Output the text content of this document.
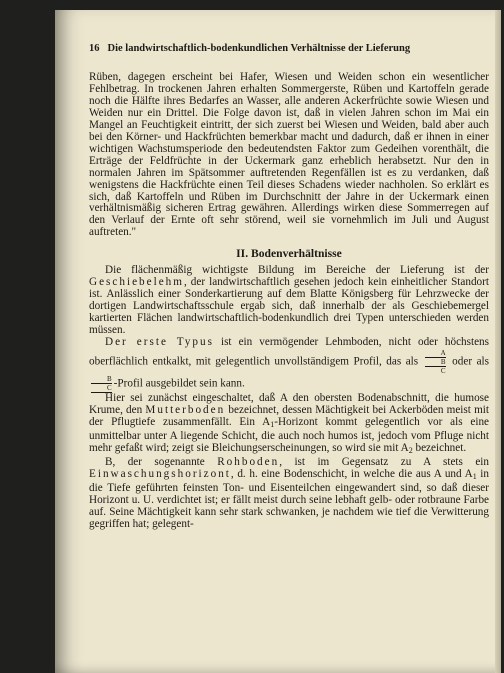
16 Die landwirtschaftlich-bodenkundlichen Verhältnisse der Lieferung

Rüben, dagegen erscheint bei Hafer, Wiesen und Weiden schon ein wesentlicher Fehlbetrag. In trockenen Jahren erhalten Sommergerste, Rüben und Kartoffeln gerade noch die Hälfte ihres Bedarfes an Wasser, alle anderen Ackerfrüchte sowie Wiesen und Weiden nur ein Drittel. Die Folge davon ist, daß in vielen Jahren schon im Mai ein Mangel an Feuchtigkeit eintritt, der sich zuerst bei Wiesen und Weiden, bald aber auch bei den Körner- und Hackfrüchten bemerkbar macht und dadurch, daß er ihnen in einer wichtigen Wachstumsperiode den bedeutendsten Faktor zum Gedeihen vorenthält, die Erträge der Feldfrüchte in der Uckermark ganz erheblich herabsetzt. Nur den in normalen Jahren im Spätsommer auftretenden Regenfällen ist es zu verdanken, daß wenigstens die Hackfrüchte einen Teil dieses Schadens wieder nachholen. So erklärt es sich, daß Kartoffeln und Rüben im Durchschnitt der Jahre in der Uckermark einen verhältnismäßig sicheren Ertrag gewähren. Allerdings wirken diese Sommerregen auf den Verlauf der Ernte oft sehr störend, weil sie vornehmlich im Juli und August auftreten."

II. Bodenverhältnisse

Die flächenmäßig wichtigste Bildung im Bereiche der Lieferung ist der Geschiebelehm, der landwirtschaftlich gesehen jedoch kein einheitlicher Standort ist. Anlässlich einer Sonderkartierung auf dem Blatte Königsberg für Lehrzwecke der dortigen Landwirtschaftsschule ergab sich, daß innerhalb der als Geschiebemergel kartierten Flächen landwirtschaftlich-bodenkundlich drei Typen unterschieden werden müssen.

Der erste Typus ist ein vermögender Lehmboden, nicht oder höchstens oberflächlich entkalkt, mit gelegentlich unvollständigem Profil, das als
A
B
C
oder als
$\frac{B}{C}$ -Profil ausgebildet sein kann.

Hier sei zunächst eingeschaltet, daß A den obersten Bodenabschnitt, die humose Krume, den Mutterboden bezeichnet, dessen Mächtigkeit bei Ackerböden meist mit der Pflugtiefe zusammenfällt. Ein $A_1$-Horizont kommt gelegentlich vor als eine unmittelbar unter A liegende Schicht, die auch noch humos ist, jedoch vom Pfluge nicht mehr gefaßt wird; zeigt sie Bleichungserscheinungen, so wird sie mit $A_2$ bezeichnet.

B, der sogenannte Rohboden, ist im Gegensatz zu A stets ein Einwaschungshorizont, d. h. eine Bodenschicht, in welche die aus A und $A_1$ in die Tiefe geführten feinsten Ton- und Eisenteilchen eingewandert sind, so daß dieser Horizont u. U. verdichtet ist; er fällt meist durch seine lebhaft gelb- oder rotbraune Farbe auf. Seine Mächtigkeit kann sehr stark schwanken, je nachdem wie tief die Verwitterung gegriffen hat; gelegent-
